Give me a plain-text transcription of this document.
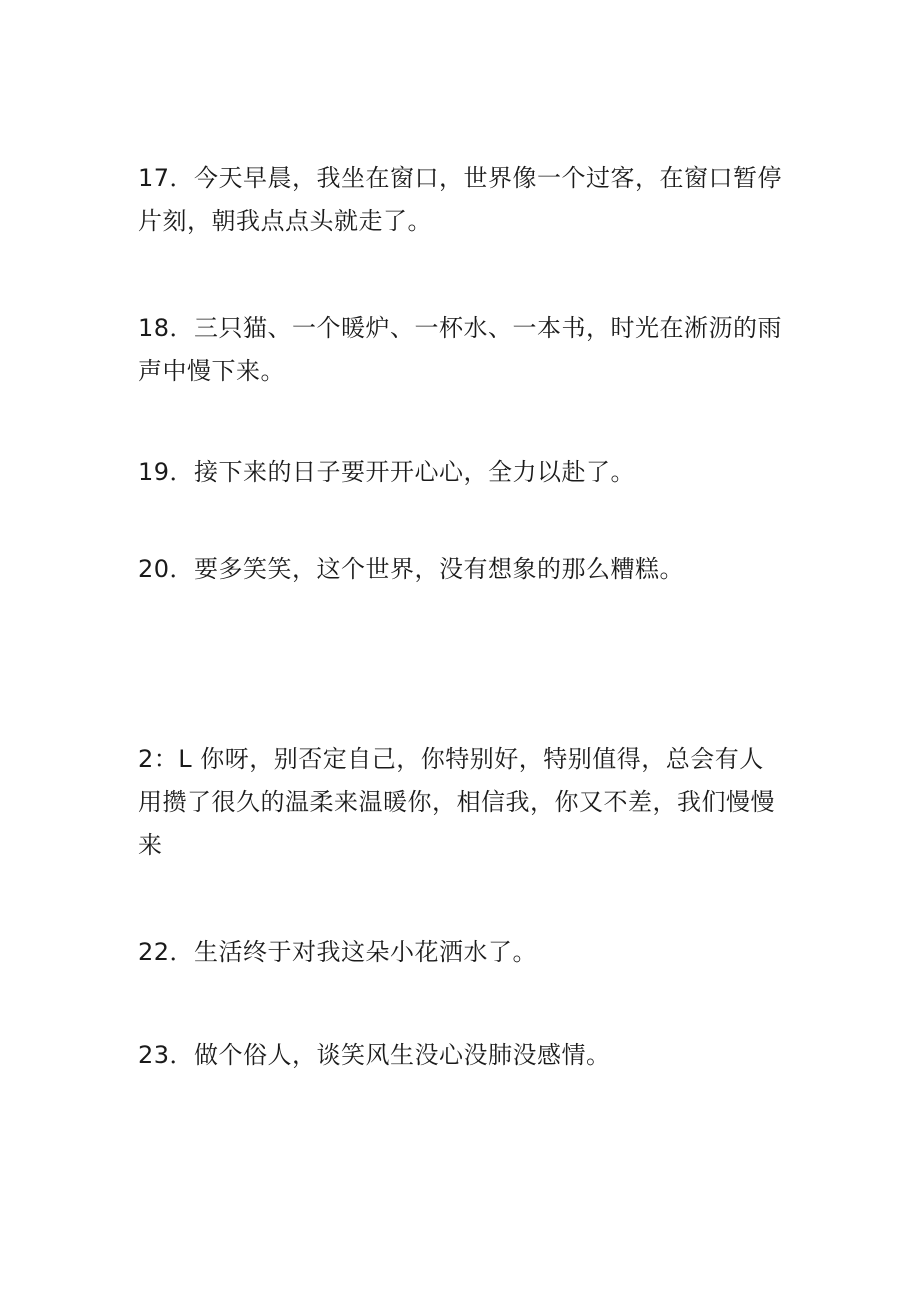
17．今天早晨，我坐在窗口，世界像一个过客，在窗口暂停片刻，朝我点点头就走了。

18．三只猫、一个暖炉、一杯水、一本书，时光在淅沥的雨声中慢下来。

19．接下来的日子要开开心心，全力以赴了。

20．要多笑笑，这个世界，没有想象的那么糟糕。

2：L 你呀，别否定自己，你特别好，特别值得，总会有人用攒了很久的温柔来温暖你，相信我，你又不差，我们慢慢来

22．生活终于对我这朵小花洒水了。

23．做个俗人，谈笑风生没心没肺没感情。
